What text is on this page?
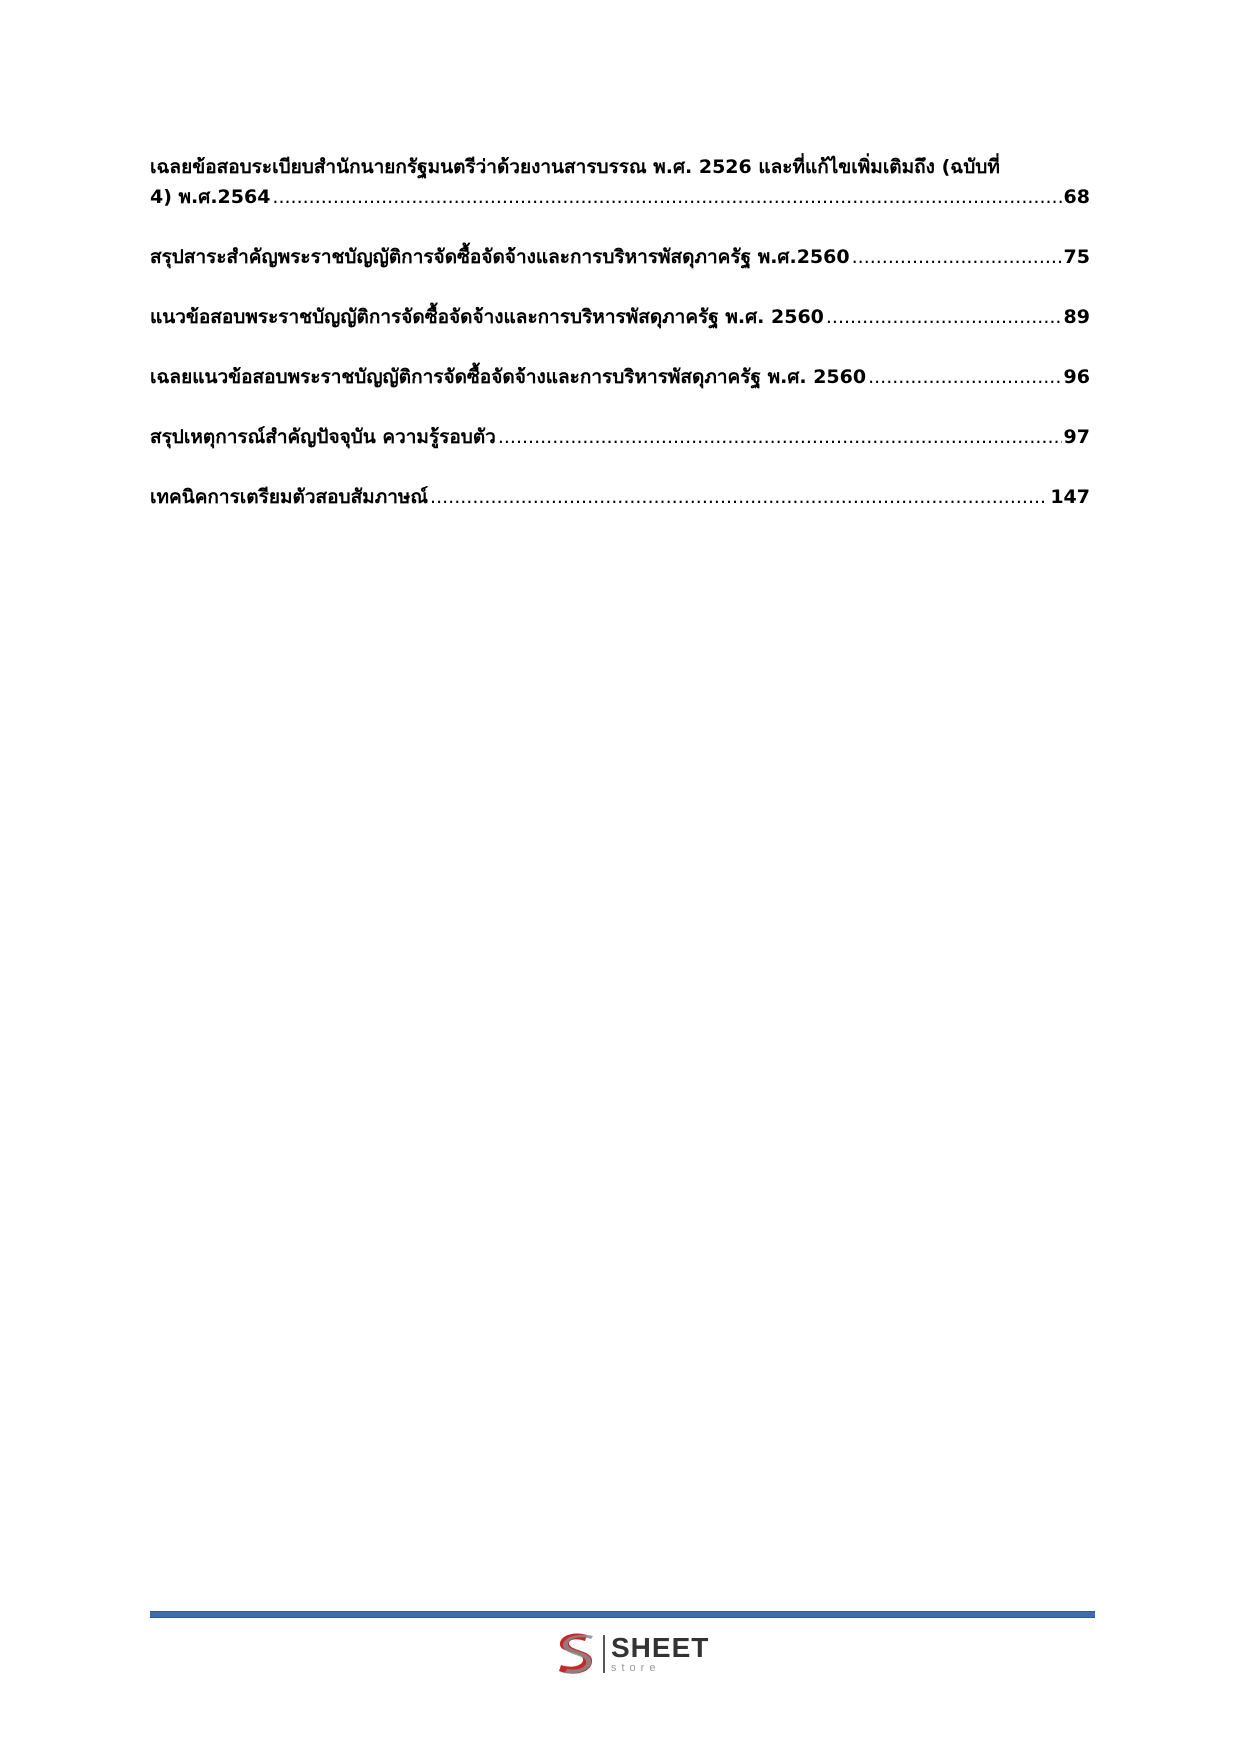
เฉลยข้อสอบระเบียบสำนักนายกรัฐมนตรีว่าด้วยงานสารบรรณ พ.ศ. 2526 และที่แก้ไขเพิ่มเติมถึง (ฉบับที่
4) พ.ศ.2564 .....	68
สรุปสาระสำคัญพระราชบัญญัติการจัดซื้อจัดจ้างและการบริหารพัสดุภาครัฐ พ.ศ.2560 .....	75
แนวข้อสอบพระราชบัญญัติการจัดซื้อจัดจ้างและการบริหารพัสดุภาครัฐ พ.ศ. 2560 .....	89
เฉลยแนวข้อสอบพระราชบัญญัติการจัดซื้อจัดจ้างและการบริหารพัสดุภาครัฐ พ.ศ. 2560 .....	96
สรุปเหตุการณ์สำคัญปัจจุบัน ความรู้รอบตัว .....	97
เทคนิคการเตรียมตัวสอบสัมภาษณ์ .....	147
SHEET
store
